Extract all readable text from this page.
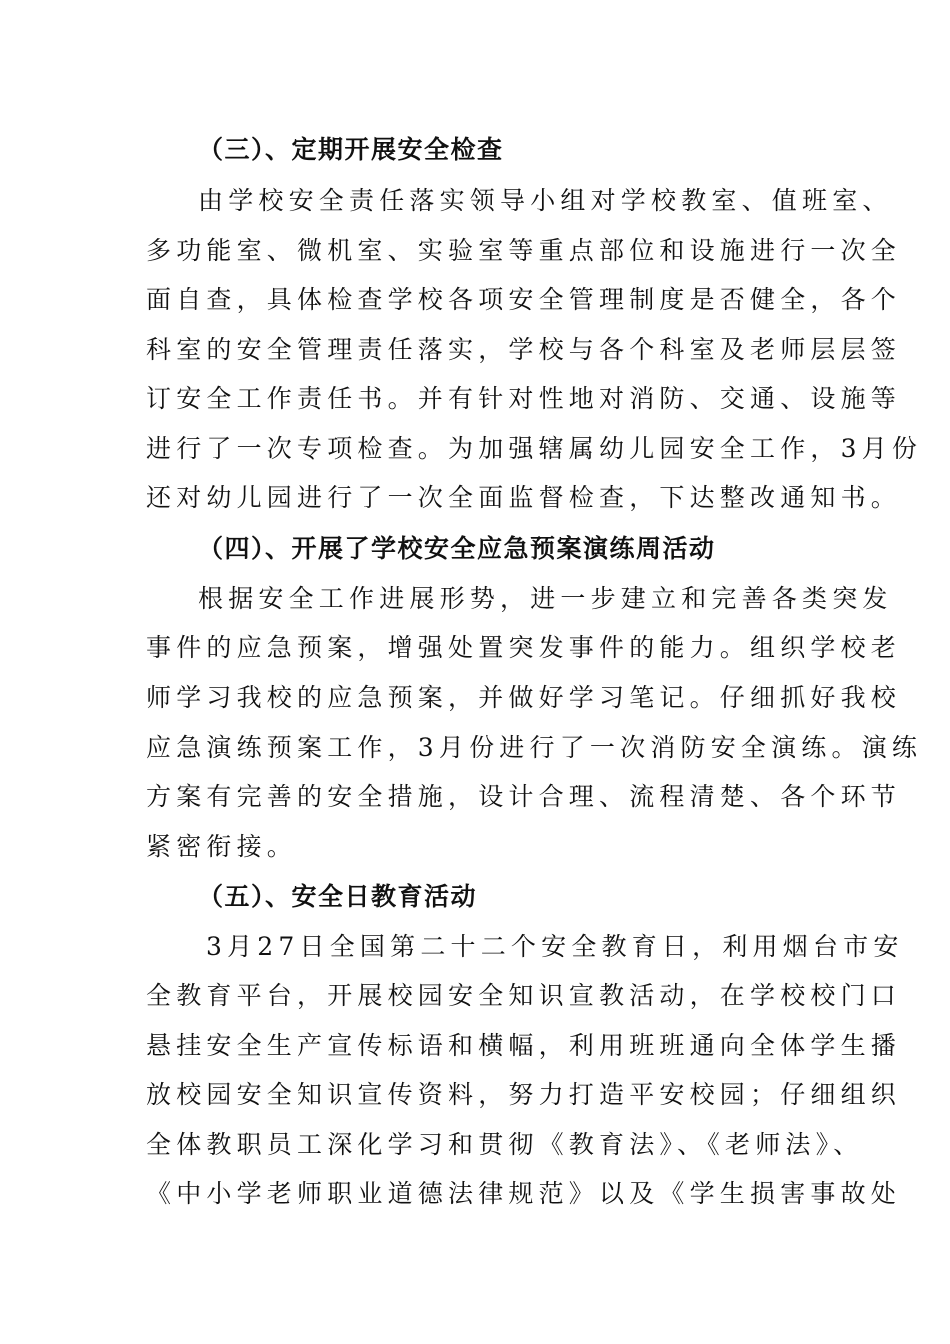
（三）、定期开展安全检查
由学校安全责任落实领导小组对学校教室、值班室、
多功能室、微机室、实验室等重点部位和设施进行一次全
面自查，具体检查学校各项安全管理制度是否健全，各个
科室的安全管理责任落实，学校与各个科室及老师层层签
订安全工作责任书。并有针对性地对消防、交通、设施等
进行了一次专项检查。为加强辖属幼儿园安全工作，3月份
还对幼儿园进行了一次全面监督检查，下达整改通知书。
（四）、开展了学校安全应急预案演练周活动
根据安全工作进展形势，进一步建立和完善各类突发
事件的应急预案，增强处置突发事件的能力。组织学校老
师学习我校的应急预案，并做好学习笔记。仔细抓好我校
应急演练预案工作，3月份进行了一次消防安全演练。演练
方案有完善的安全措施，设计合理、流程清楚、各个环节
紧密衔接。
（五）、安全日教育活动
3月27日全国第二十二个安全教育日，利用烟台市安
全教育平台，开展校园安全知识宣教活动，在学校校门口
悬挂安全生产宣传标语和横幅，利用班班通向全体学生播
放校园安全知识宣传资料，努力打造平安校园；仔细组织
全体教职员工深化学习和贯彻《教育法》、《老师法》、
《中小学老师职业道德法律规范》以及《学生损害事故处
